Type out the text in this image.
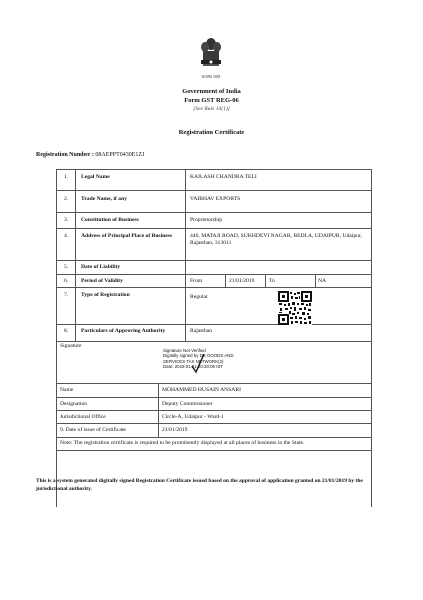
सत्यमेव जयते
Government of India
Form GST REG-06
[See Rule 10(1)]
Registration Certificate
Registration Number : 08AEPPT0430E1ZJ
1. Legal Name	KAILASH CHANDRA TELI
2. Trade Name, if any	VAIBHAV EXPORTS
3. Constitution of Business	Proprietorship
4. Address of Principal Place of Business	446, MATAJI ROAD, SUKHDEVI NAGAR, BEDLA, UDAIPUR, Udaipur, Rajasthan, 313011
5. Date of Liability
6. Period of Validity	From	21/01/2019	To	NA
7. Type of Registration	Regular
8. Particulars of Approving Authority	Rajasthan
Signature
Signature Not Verified
Digitally signed by DS GOODS AND
SERVICES TAX NETWORK(2)
Date: 2019.01.21 20:30:05 IST
Name	MOHAMMED HUSAIN ANSARI
Designation	Deputy Commissioner
Jurisdictional Office	Circle-A, Udaipur - Ward-1
9. Date of issue of Certificate	21/01/2019
Note: The registration certificate is required to be prominently displayed at all places of business in the State.
This is a system generated digitally signed Registration Certificate issued based on the approval of application granted on 21/01/2019 by the jurisdictional authority.
